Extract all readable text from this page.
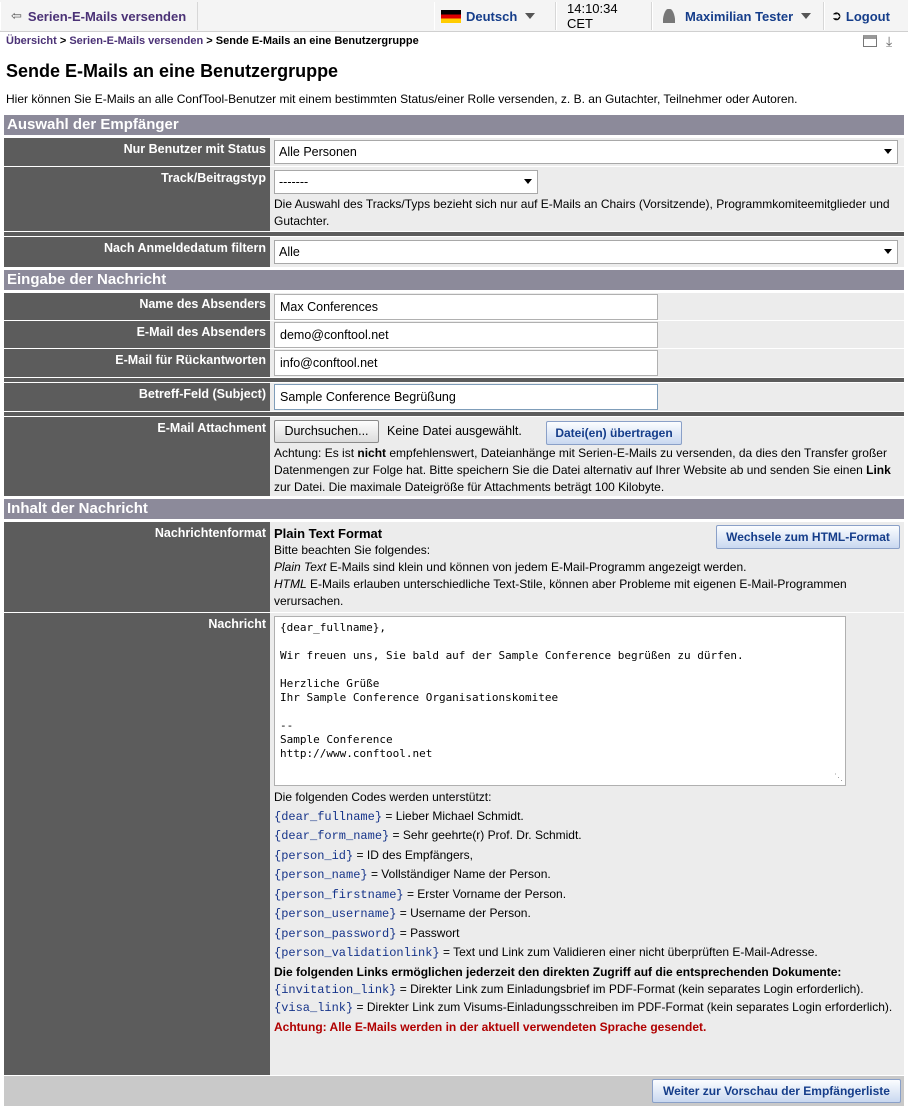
⇦ Serien-E-Mails versenden	Deutsch	14:10:34 CET	Maximilian Tester	➲ Logout
Übersicht > Serien-E-Mails versenden > Sende E-Mails an eine Benutzergruppe	⤓
Sende E-Mails an eine Benutzergruppe
Hier können Sie E-Mails an alle ConfTool-Benutzer mit einem bestimmten Status/einer Rolle versenden, z. B. an Gutachter, Teilnehmer oder Autoren.
Auswahl der Empfänger
Nur Benutzer mit Status	Alle Personen
Track/Beitragstyp	-------
Die Auswahl des Tracks/Typs bezieht sich nur auf E-Mails an Chairs (Vorsitzende), Programmkomiteemitglieder und Gutachter.
Nach Anmeldedatum filtern	Alle
Eingabe der Nachricht
Name des Absenders	Max Conferences
E-Mail des Absenders	demo@conftool.net
E-Mail für Rückantworten	info@conftool.net
Betreff-Feld (Subject)	Sample Conference Begrüßung
E-Mail Attachment	Durchsuchen...	Keine Datei ausgewählt.	Datei(en) übertragen
Achtung: Es ist nicht empfehlenswert, Dateianhänge mit Serien-E-Mails zu versenden, da dies den Transfer großer Datenmengen zur Folge hat. Bitte speichern Sie die Datei alternativ auf Ihrer Website ab und senden Sie einen Link zur Datei. Die maximale Dateigröße für Attachments beträgt 100 Kilobyte.
Inhalt der Nachricht
Nachrichtenformat Plain Text Format	Wechsele zum HTML-Format
Bitte beachten Sie folgendes:
Plain Text E-Mails sind klein und können von jedem E-Mail-Programm angezeigt werden.
HTML E-Mails erlauben unterschiedliche Text-Stile, können aber Probleme mit eigenen E-Mail-Programmen verursachen.
Nachricht	{dear_fullname},

Wir freuen uns, Sie bald auf der Sample Conference begrüßen zu dürfen.

Herzliche Grüße
Ihr Sample Conference Organisationskomitee

--
Sample Conference
http://www.conftool.net
⋱
Die folgenden Codes werden unterstützt:
{dear_fullname} = Lieber Michael Schmidt.
{dear_form_name} = Sehr geehrte(r) Prof. Dr. Schmidt.
{person_id} = ID des Empfängers,
{person_name} = Vollständiger Name der Person.
{person_firstname} = Erster Vorname der Person.
{person_username} = Username der Person.
{person_password} = Passwort
{person_validationlink} = Text und Link zum Validieren einer nicht überprüften E-Mail-Adresse.
Die folgenden Links ermöglichen jederzeit den direkten Zugriff auf die entsprechenden Dokumente:
{invitation_link} = Direkter Link zum Einladungsbrief im PDF-Format (kein separates Login erforderlich).
{visa_link} = Direkter Link zum Visums-Einladungsschreiben im PDF-Format (kein separates Login erforderlich).
Achtung: Alle E-Mails werden in der aktuell verwendeten Sprache gesendet.
Weiter zur Vorschau der Empfängerliste
